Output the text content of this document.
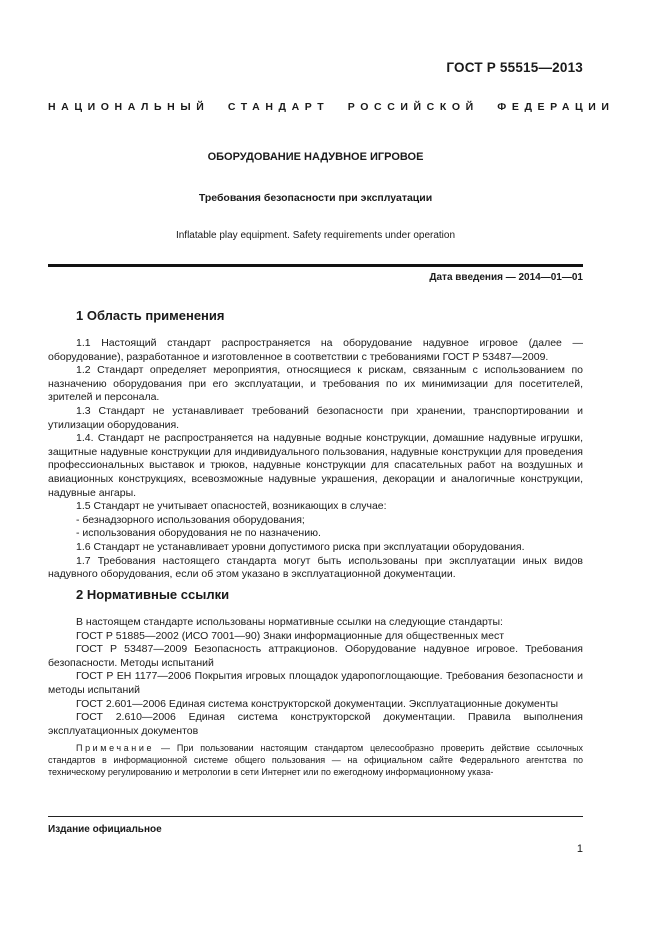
ГОСТ Р 55515—2013
НАЦИОНАЛЬНЫЙ СТАНДАРТ РОССИЙСКОЙ ФЕДЕРАЦИИ
ОБОРУДОВАНИЕ НАДУВНОЕ ИГРОВОЕ
Требования безопасности при эксплуатации
Inflatable play equipment. Safety requirements under operation
Дата введения — 2014—01—01
1 Область применения

1.1 Настоящий стандарт распространяется на оборудование надувное игровое (далее — оборудование), разработанное и изготовленное в соответствии с требованиями ГОСТ Р 53487—2009.

1.2 Стандарт определяет мероприятия, относящиеся к рискам, связанным с использованием по назначению оборудования при его эксплуатации, и требования по их минимизации для посетителей, зрителей и персонала.

1.3 Стандарт не устанавливает требований безопасности при хранении, транспортировании и утилизации оборудования.

1.4. Стандарт не распространяется на надувные водные конструкции, домашние надувные игрушки, защитные надувные конструкции для индивидуального пользования, надувные конструкции для проведения профессиональных выставок и трюков, надувные конструкции для спасательных работ на воздушных и авиационных конструкциях, всевозможные надувные украшения, декорации и аналогичные конструкции, надувные ангары.

1.5 Стандарт не учитывает опасностей, возникающих в случае:

- безнадзорного использования оборудования;

- использования оборудования не по назначению.

1.6 Стандарт не устанавливает уровни допустимого риска при эксплуатации оборудования.

1.7 Требования настоящего стандарта могут быть использованы при эксплуатации иных видов надувного оборудования, если об этом указано в эксплуатационной документации.

2 Нормативные ссылки

В настоящем стандарте использованы нормативные ссылки на следующие стандарты:

ГОСТ Р 51885—2002 (ИСО 7001—90) Знаки информационные для общественных мест

ГОСТ Р 53487—2009 Безопасность аттракционов. Оборудование надувное игровое. Требования безопасности. Методы испытаний

ГОСТ Р ЕН 1177—2006 Покрытия игровых площадок ударопоглощающие. Требования безопасности и методы испытаний

ГОСТ 2.601—2006 Единая система конструкторской документации. Эксплуатационные документы

ГОСТ 2.610—2006 Единая система конструкторской документации. Правила выполнения эксплуатационных документов

Примечание — При пользовании настоящим стандартом целесообразно проверить действие ссылочных стандартов в информационной системе общего пользования — на официальном сайте Федерального агентства по техническому регулированию и метрологии в сети Интернет или по ежегодному информационному указа-

Издание официальное
1
